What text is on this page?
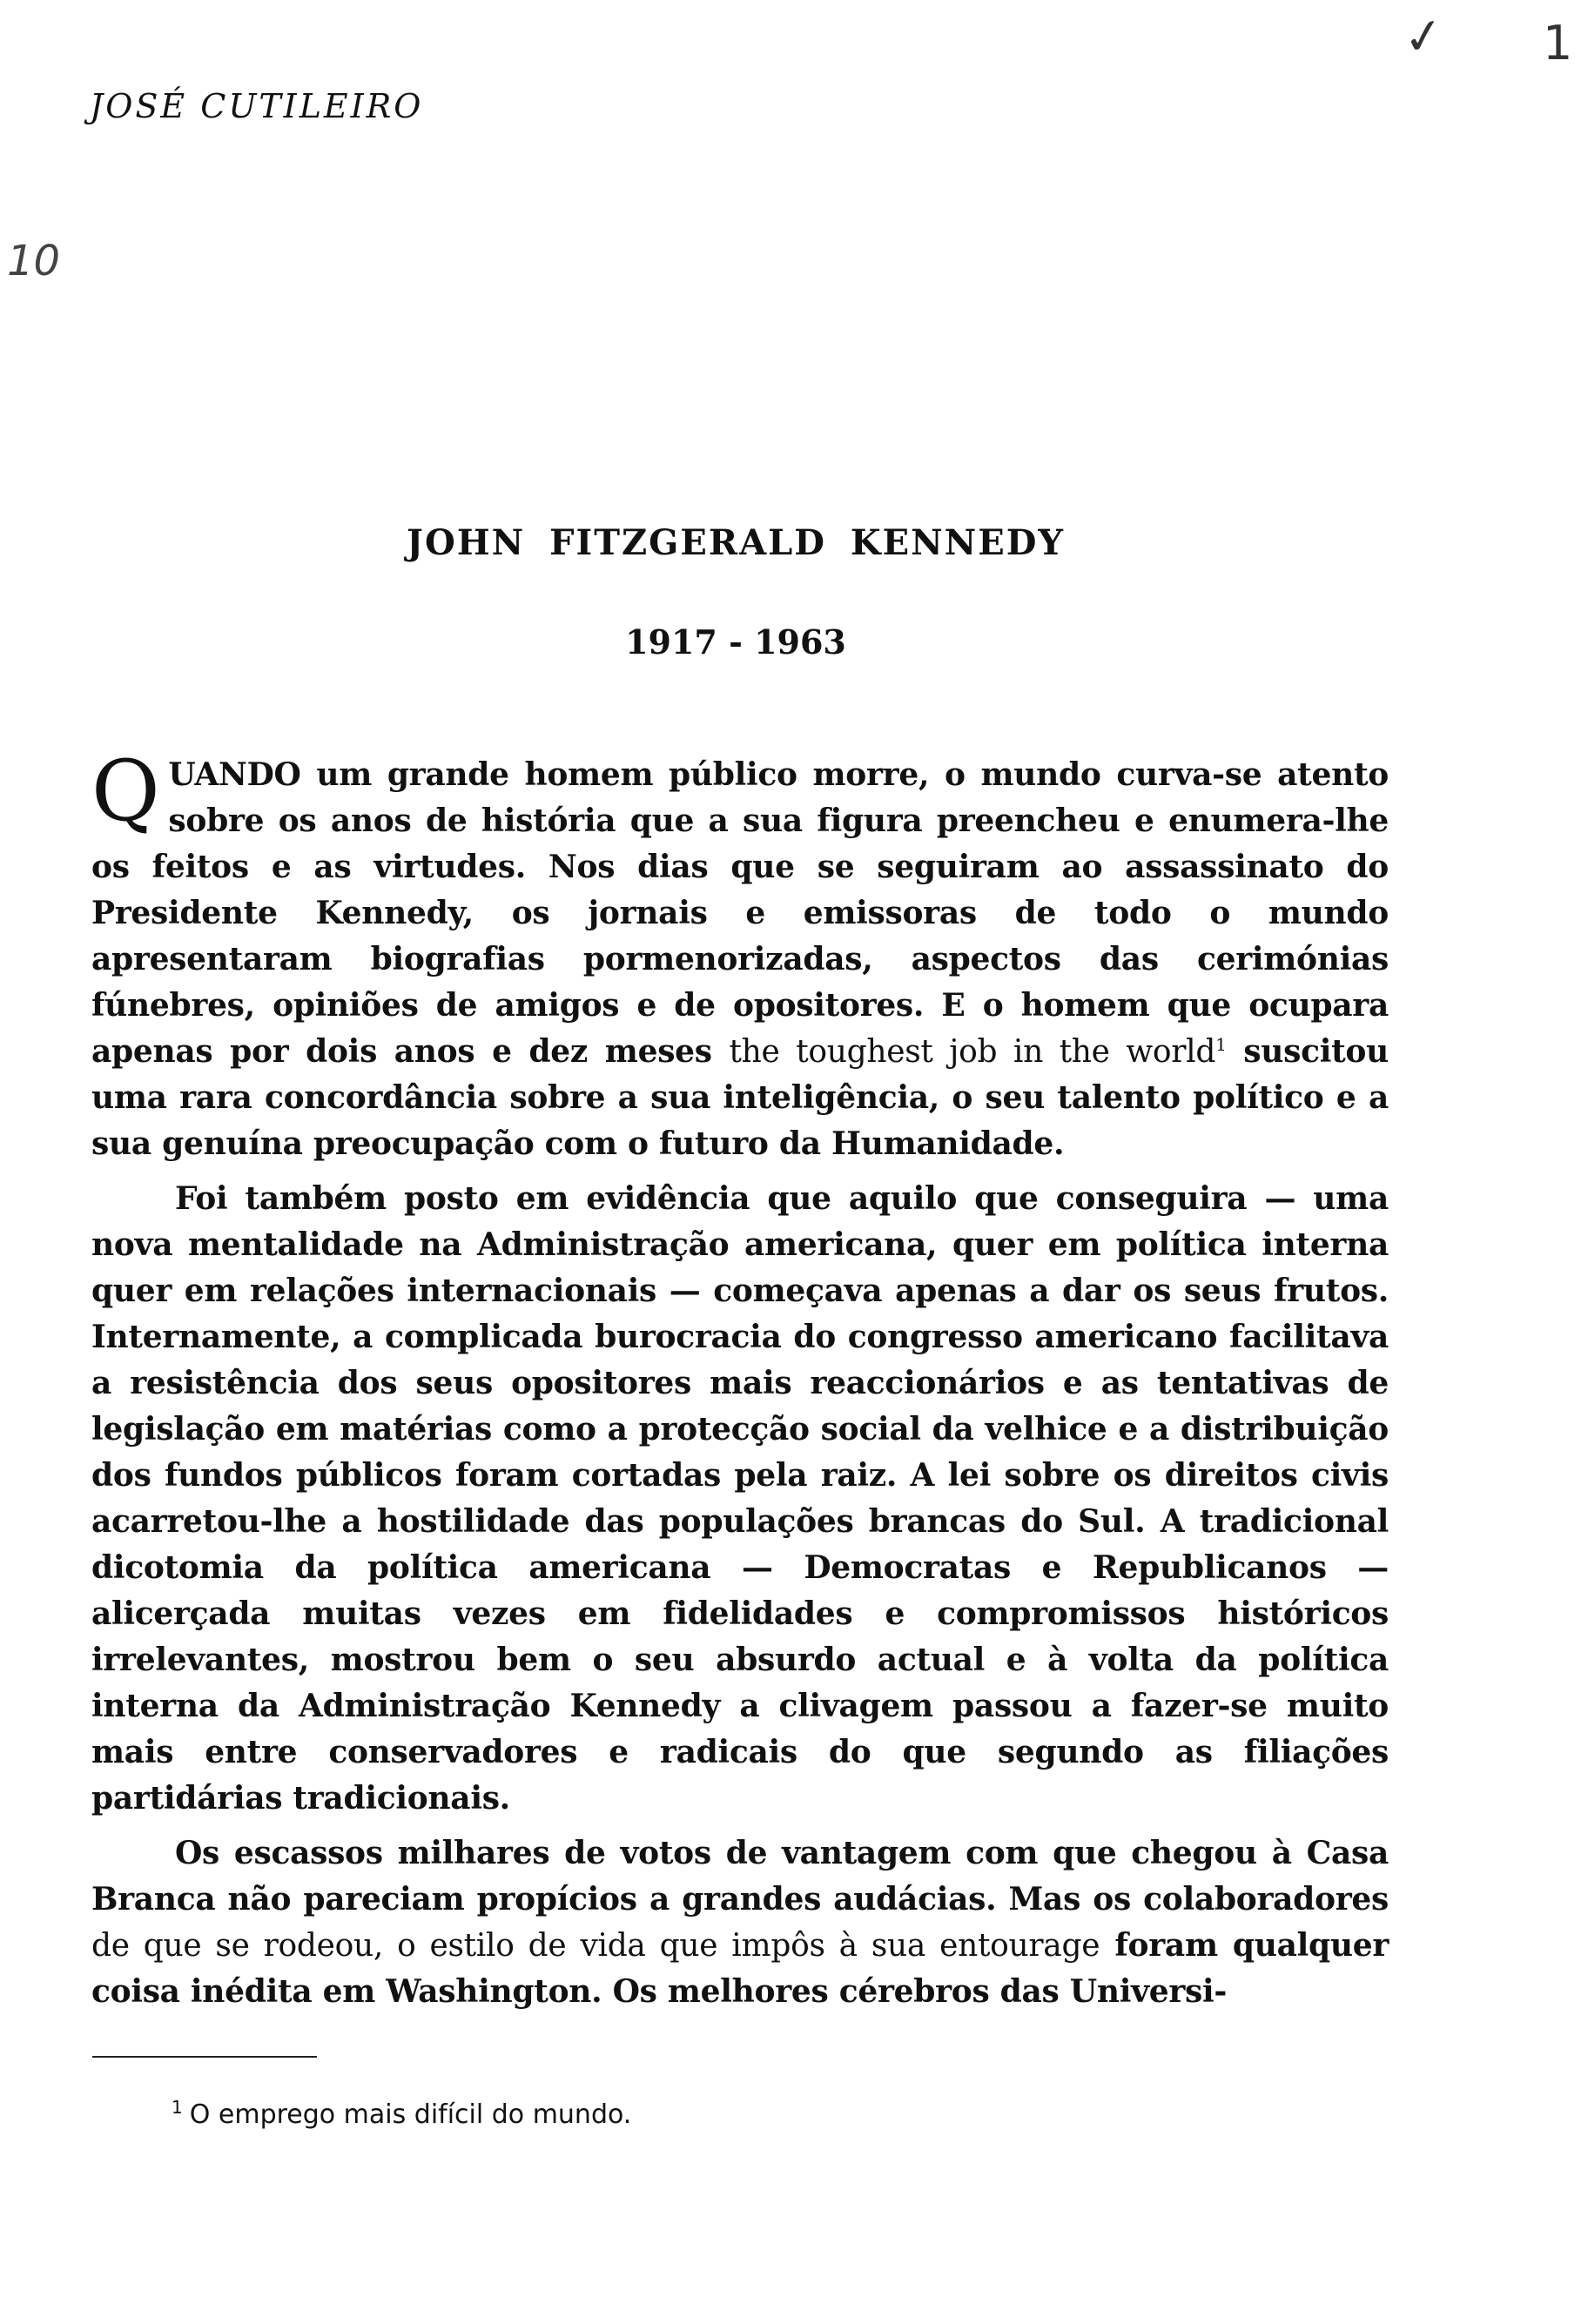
JOSÉ CUTILEIRO
✓ 1
10
JOHN FITZGERALD KENNEDY
1917 - 1963

QUANDO um grande homem público morre, o mundo curva-se atento sobre os anos de história que a sua figura preencheu e enumera-lhe os feitos e as virtudes. Nos dias que se seguiram ao assassinato do Presidente Kennedy, os jornais e emissoras de todo o mundo apresentaram biografias pormenorizadas, aspectos das cerimónias fúnebres, opiniões de amigos e de opositores. E o homem que ocupara apenas por dois anos e dez meses the toughest job in the world$^1$ suscitou uma rara concordância sobre a sua inteligência, o seu talento político e a sua genuína preocupação com o futuro da Humanidade.

Foi também posto em evidência que aquilo que conseguira — uma nova mentalidade na Administração americana, quer em política interna quer em relações internacionais — começava apenas a dar os seus frutos. Internamente, a complicada burocracia do congresso americano facilitava a resistência dos seus opositores mais reaccionários e as tentativas de legislação em matérias como a protecção social da velhice e a distribuição dos fundos públicos foram cortadas pela raiz. A lei sobre os direitos civis acarretou-lhe a hostilidade das populações brancas do Sul. A tradicional dicotomia da política americana — Democratas e Republicanos — alicerçada muitas vezes em fidelidades e compromissos históricos irrelevantes, mostrou bem o seu absurdo actual e à volta da política interna da Administração Kennedy a clivagem passou a fazer-se muito mais entre conservadores e radicais do que segundo as filiações partidárias tradicionais.

Os escassos milhares de votos de vantagem com que chegou à Casa Branca não pareciam propícios a grandes audácias. Mas os colaboradores de que se rodeou, o estilo de vida que impôs à sua entourage foram qualquer coisa inédita em Washington. Os melhores cérebros das Universi-

$^1$ O emprego mais difícil do mundo.
